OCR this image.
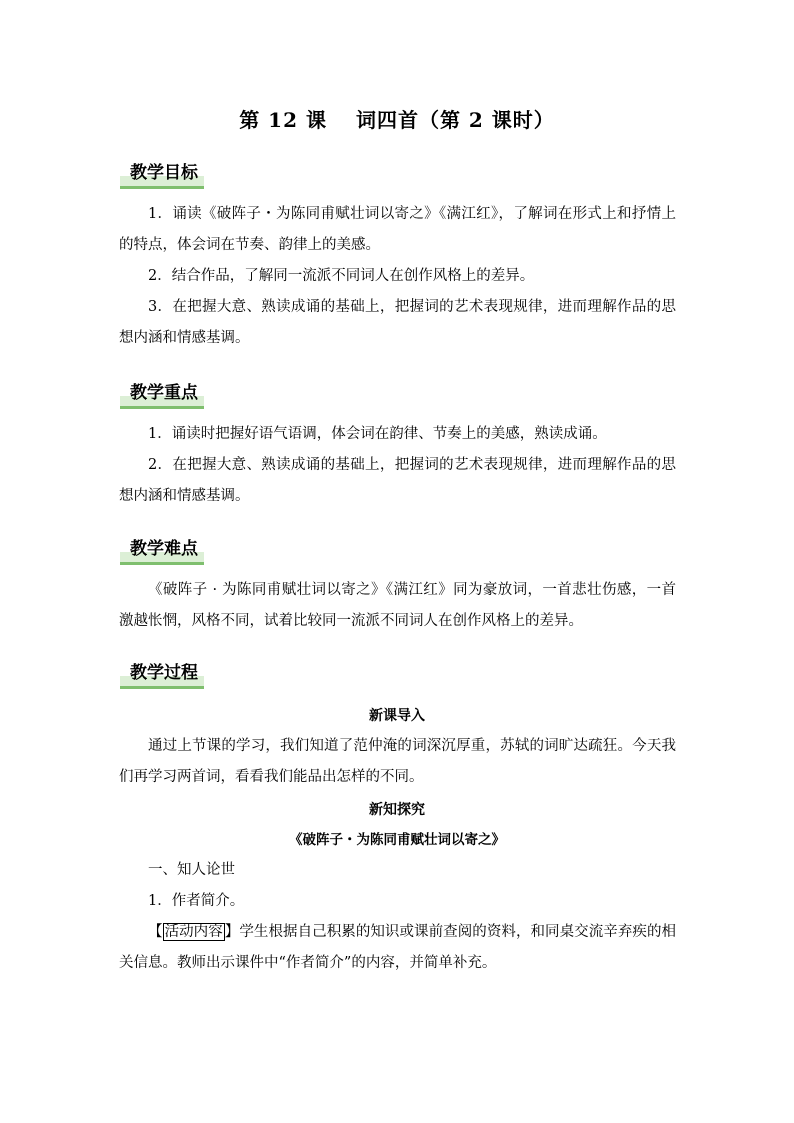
第 12 课　 词四首（第 2 课时）
教学目标

1．诵读《破阵子・为陈同甫赋壮词以寄之》《满江红》，了解词在形式上和抒情上的特点，体会词在节奏、韵律上的美感。

2．结合作品，了解同一流派不同词人在创作风格上的差异。

3．在把握大意、熟读成诵的基础上，把握词的艺术表现规律，进而理解作品的思想内涵和情感基调。

教学重点

1．诵读时把握好语气语调，体会词在韵律、节奏上的美感，熟读成诵。

2．在把握大意、熟读成诵的基础上，把握词的艺术表现规律，进而理解作品的思想内涵和情感基调。

教学难点

《破阵子 · 为陈同甫赋壮词以寄之》《满江红》同为豪放词，一首悲壮伤感，一首激越怅惘，风格不同，试着比较同一流派不同词人在创作风格上的差异。

教学过程
新课导入

通过上节课的学习，我们知道了范仲淹的词深沉厚重，苏轼的词旷达疏狂。今天我们再学习两首词，看看我们能品出怎样的不同。

新知探究
《破阵子・为陈同甫赋壮词以寄之》

一、知人论世

1．作者简介。

【 活动内容 】学生根据自己积累的知识或课前查阅的资料，和同桌交流辛弃疾的相关信息。教师出示课件中“作者简介”的内容，并简单补充。
